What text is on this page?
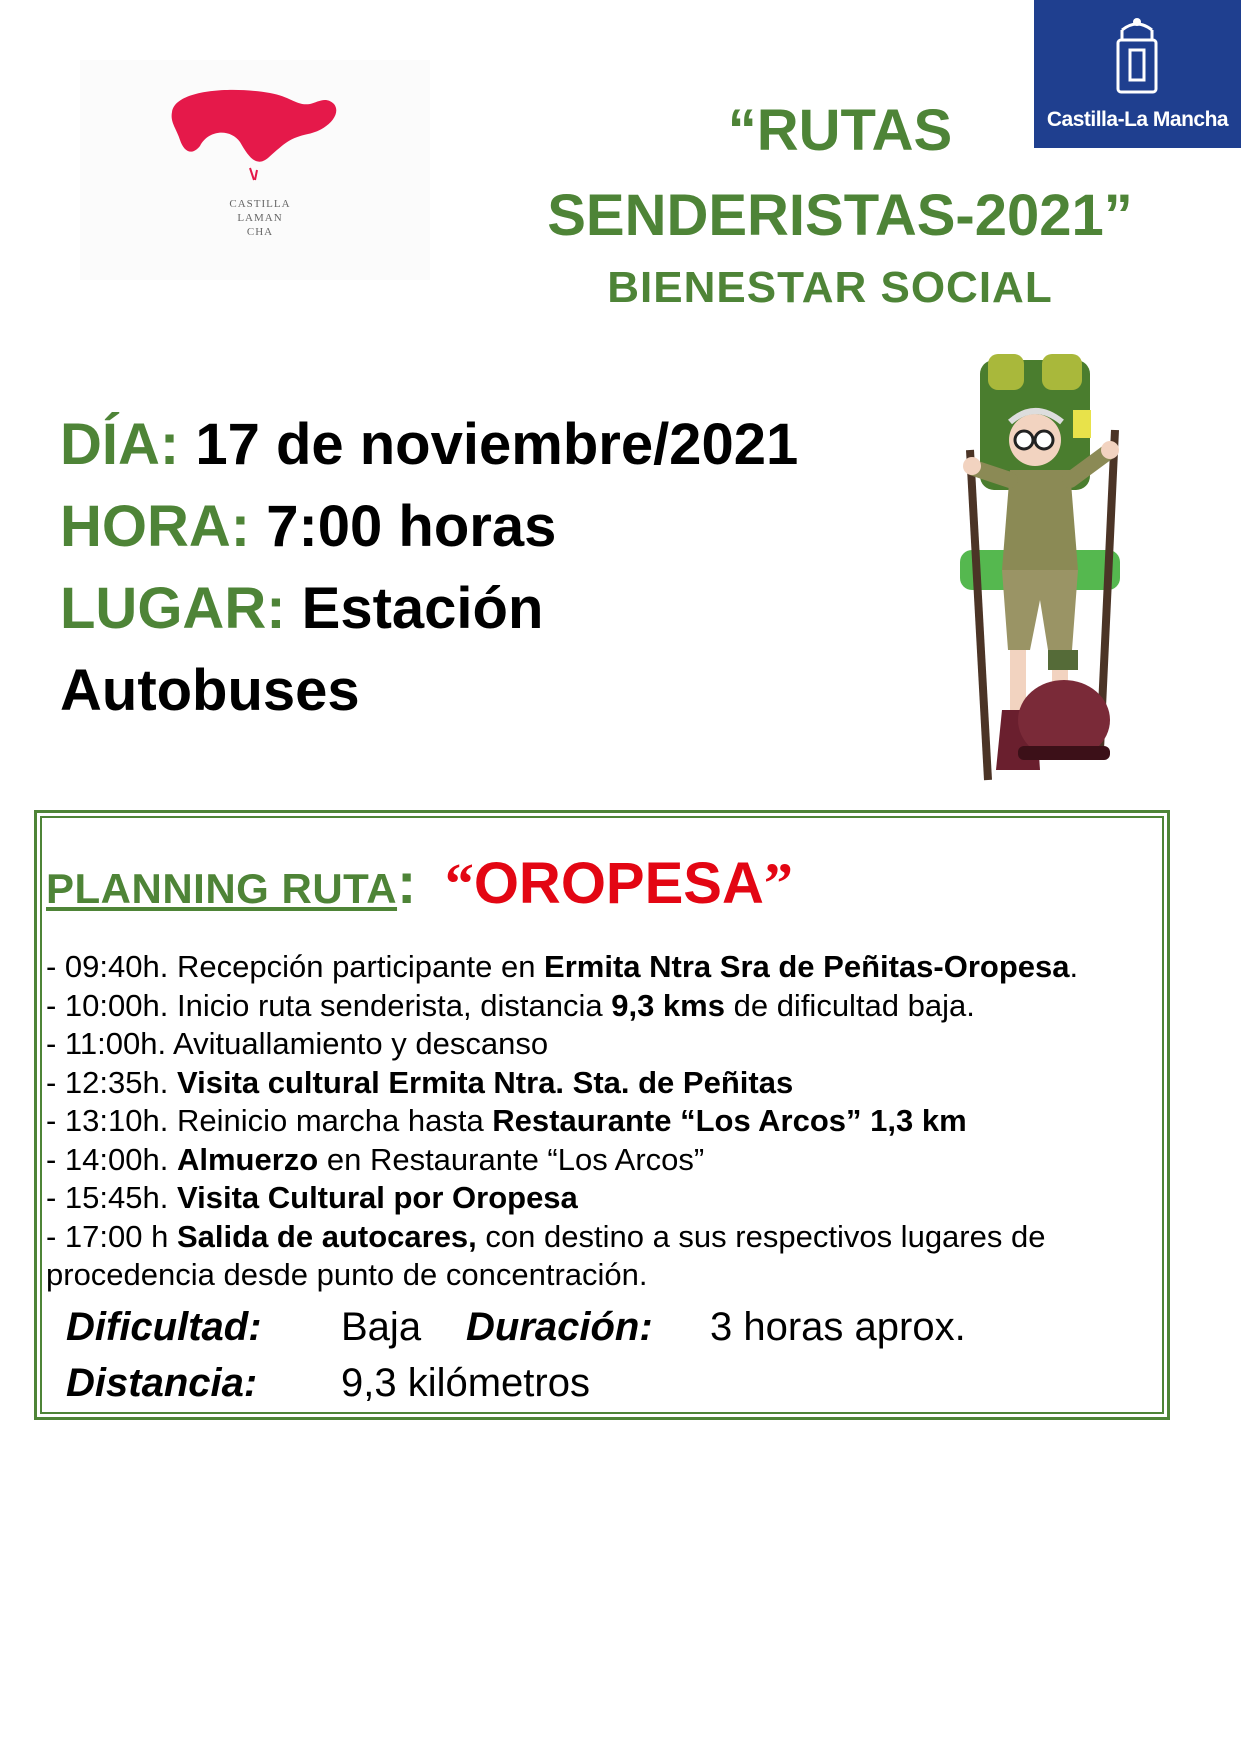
CASTILLA
LAMAN
CHA
Castilla-La Mancha
“RUTAS
SENDERISTAS-2021”
BIENESTAR SOCIAL
DÍA: 17 de noviembre/2021
HORA: 7:00 horas
LUGAR: Estación
Autobuses
PLANNING RUTA: “OROPESA”
- 09:40h. Recepción participante en Ermita Ntra Sra de Peñitas-Oropesa.
- 10:00h. Inicio ruta senderista, distancia 9,3 kms de dificultad baja.
- 11:00h. Avituallamiento y descanso
- 12:35h. Visita cultural Ermita Ntra. Sta. de Peñitas
- 13:10h. Reinicio marcha hasta Restaurante “Los Arcos” 1,3 km
- 14:00h. Almuerzo en Restaurante “Los Arcos”
- 15:45h. Visita Cultural por Oropesa
- 17:00 h Salida de autocares, con destino a sus respectivos lugares de
procedencia desde punto de concentración.
Dificultad: Baja Duración: 3 horas aprox.
Distancia: 9,3 kilómetros
